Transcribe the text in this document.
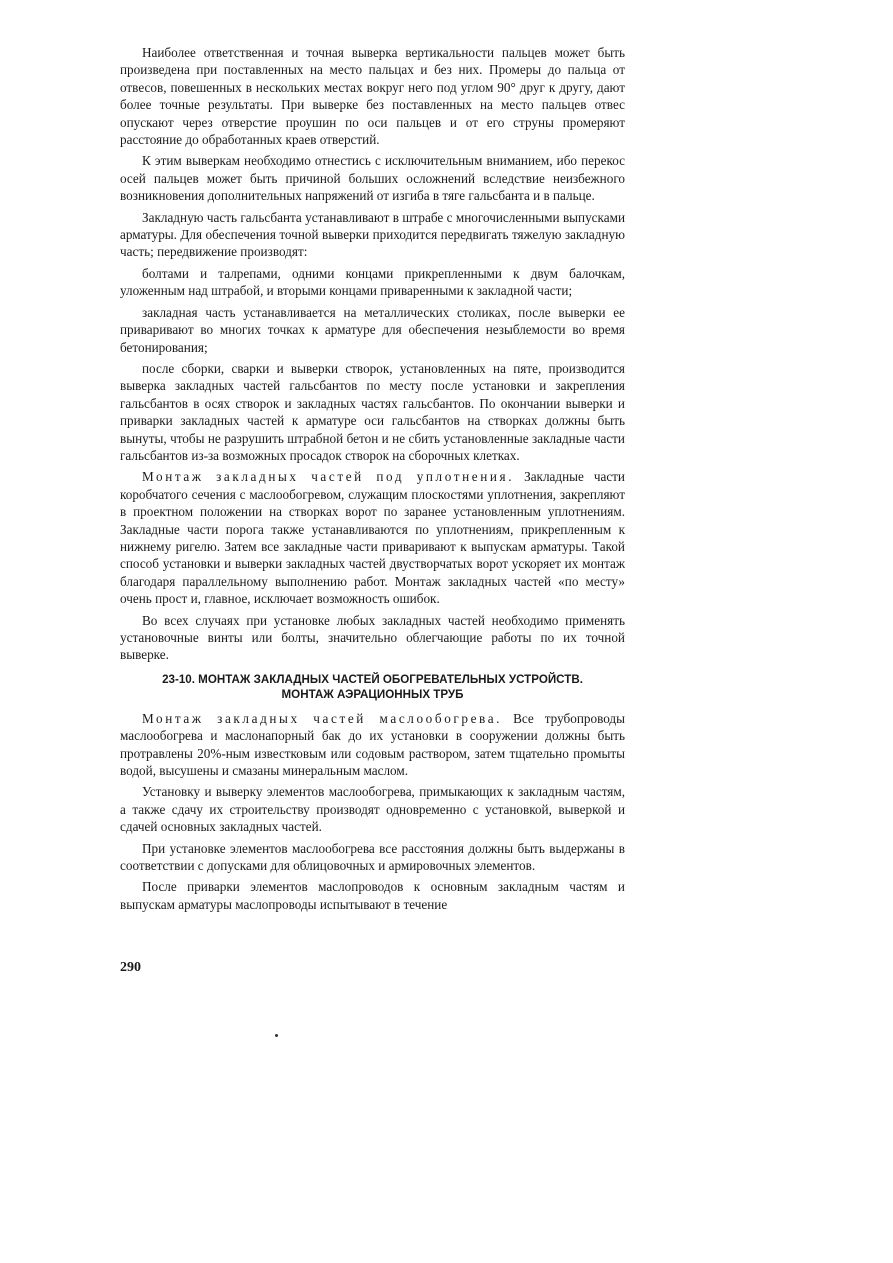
Наиболее ответственная и точная выверка вертикальности пальцев может быть произведена при поставленных на место пальцах и без них. Промеры до пальца от отвесов, повешенных в нескольких местах вокруг него под углом 90° друг к другу, дают более точные результаты. При выверке без поставленных на место пальцев отвес опускают через отверстие проушин по оси пальцев и от его струны промеряют расстояние до обработанных краев отверстий.

К этим выверкам необходимо отнестись с исключительным вниманием, ибо перекос осей пальцев может быть причиной больших осложнений вследствие неизбежного возникновения дополнительных напряжений от изгиба в тяге гальсбанта и в пальце.

Закладную часть гальсбанта устанавливают в штрабе с многочисленными выпусками арматуры. Для обеспечения точной выверки приходится передвигать тяжелую закладную часть; передвижение производят:

болтами и талрепами, одними концами прикрепленными к двум балочкам, уложенным над штрабой, и вторыми концами приваренными к закладной части;

закладная часть устанавливается на металлических столиках, после выверки ее приваривают во многих точках к арматуре для обеспечения незыблемости во время бетонирования;

после сборки, сварки и выверки створок, установленных на пяте, производится выверка закладных частей гальсбантов по месту после установки и закрепления гальсбантов в осях створок и закладных частях гальсбантов. По окончании выверки и приварки закладных частей к арматуре оси гальсбантов на створках должны быть вынуты, чтобы не разрушить штрабной бетон и не сбить установленные закладные части гальсбантов из-за возможных просадок створок на сборочных клетках.

Монтаж закладных частей под уплотнения. Закладные части коробчатого сечения с маслообогревом, служащим плоскостями уплотнения, закрепляют в проектном положении на створках ворот по заранее установленным уплотнениям. Закладные части порога также устанавливаются по уплотнениям, прикрепленным к нижнему ригелю. Затем все закладные части приваривают к выпускам арматуры. Такой способ установки и выверки закладных частей двустворчатых ворот ускоряет их монтаж благодаря параллельному выполнению работ. Монтаж закладных частей «по месту» очень прост и, главное, исключает возможность ошибок.

Во всех случаях при установке любых закладных частей необходимо применять установочные винты или болты, значительно облегчающие работы по их точной выверке.

23-10. МОНТАЖ ЗАКЛАДНЫХ ЧАСТЕЙ ОБОГРЕВАТЕЛЬНЫХ УСТРОЙСТВ.
МОНТАЖ АЭРАЦИОННЫХ ТРУБ

Монтаж закладных частей маслообогрева. Все трубопроводы маслообогрева и маслонапорный бак до их установки в сооружении должны быть протравлены 20%-ным известковым или содовым раствором, затем тщательно промыты водой, высушены и смазаны минеральным маслом.

Установку и выверку элементов маслообогрева, примыкающих к закладным частям, а также сдачу их строительству производят одновременно с установкой, выверкой и сдачей основных закладных частей.

При установке элементов маслообогрева все расстояния должны быть выдержаны в соответствии с допусками для облицовочных и армировочных элементов.

После приварки элементов маслопроводов к основным закладным частям и выпускам арматуры маслопроводы испытывают в течение

290
